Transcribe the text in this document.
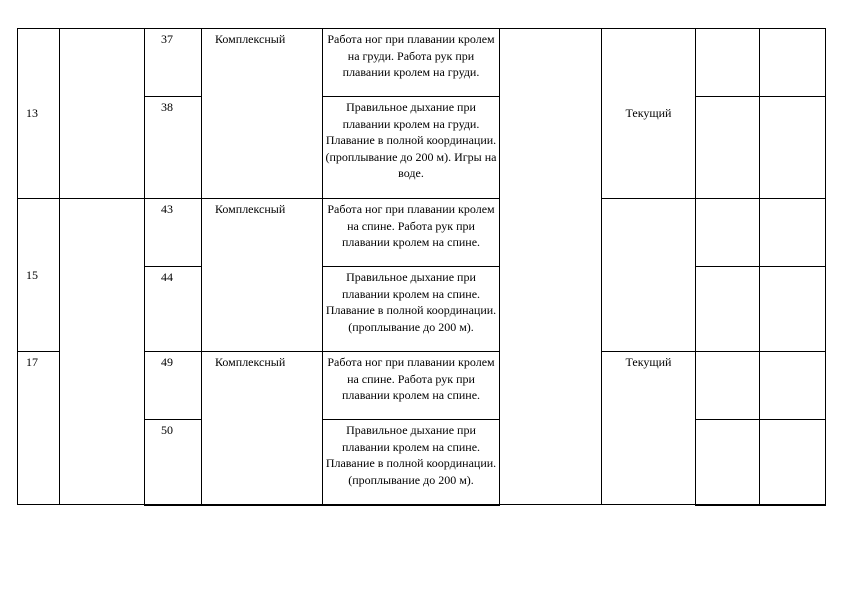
13		37	Комплексный	Работа ног при плавании кролем на груди. Работа рук при плавании кролем на груди.		Текущий		
		38		Правильное дыхание при плавании кролем на груди. Плавание в полной координации. (проплывание до 200 м). Игры на воде.				
15		43	Комплексный	Работа ног при плавании кролем на спине. Работа рук при плавании кролем на спине.				
		44		Правильное дыхание при плавании кролем на спине. Плавание в полной координации. (проплывание до 200 м).				
17		49	Комплексный	Работа ног при плавании кролем на спине. Работа рук при плавании кролем на спине.		Текущий		
		50		Правильное дыхание при плавании кролем на спине. Плавание в полной координации. (проплывание до 200 м).				
